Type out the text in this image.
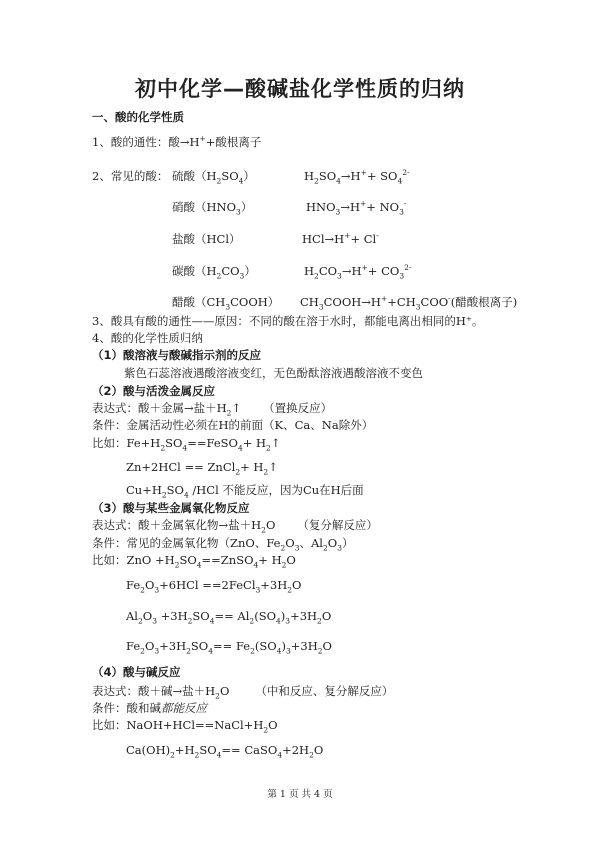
初中化学—酸碱盐化学性质的归纳
一、酸的化学性质
1、酸的通性：酸→H++酸根离子
2、常见的酸： 硫酸$(H_2SO_4)$	$H_2SO_4\to H^++ SO_4^{2-}$
硝酸$(HNO_3)$	$HNO_3\to H^++ NO_3^-$
盐酸（HCl）	HCl→H++ Cl-
碳酸$(H_2CO_3)$	$H_2CO_3\to H^++ CO_3^{2-}$
醋酸$(CH_3COOH)$ $CH_3COOH\to H^++CH_3COO^-$(醋酸根离子)
3、酸具有酸的通性——原因：不同的酸在溶于水时，都能电离出相同的H⁺。
4、酸的化学性质归纳
（1）酸溶液与酸碱指示剂的反应
紫色石蕊溶液遇酸溶液变红，无色酚酞溶液遇酸溶液不变色
（2）酸与活泼金属反应
表达式：酸＋金属→盐$+H_2↑$ （置换反应）
条件：金属活动性必须在H的前面（K、Ca、Na除外）
比如：$Fe+H_2SO_4==FeSO_4+$ $H_2↑$
Zn+2HCl == ZnCl$_2$+ $H_2↑$
$Cu+H_2SO_4$ /HCl 不能反应，因为Cu在H后面
（3）酸与某些金属氧化物反应
表达式：酸＋金属氧化物→盐$+H_2O$ （复分解反应）
条件：常见的金属氧化物（ZnO、$Fe_2O_3$、$Al_2O_3$）
比如：ZnO $+H_2SO_4==ZnSO_4+ H_2O$
$Fe_2O_3+6HCl$ $==2FeCl_3+3H_2O$
$Al_2O_3 +3H_2SO_4== Al_2(SO_4)_3+3H_2O$
$Fe_2O_3+3H_2SO_4== Fe_2(SO_4)_3+3H_2O$
（4）酸与碱反应
表达式：酸＋碱→盐$+H_2O$ （中和反应、复分解反应）
条件：酸和碱都能反应
比如：$NaOH+HCl==NaCl+H_2O$
$Ca(OH)_2+H_2SO_4==$ $CaSO_4+2H_2O$
第 1 页 共 4 页
